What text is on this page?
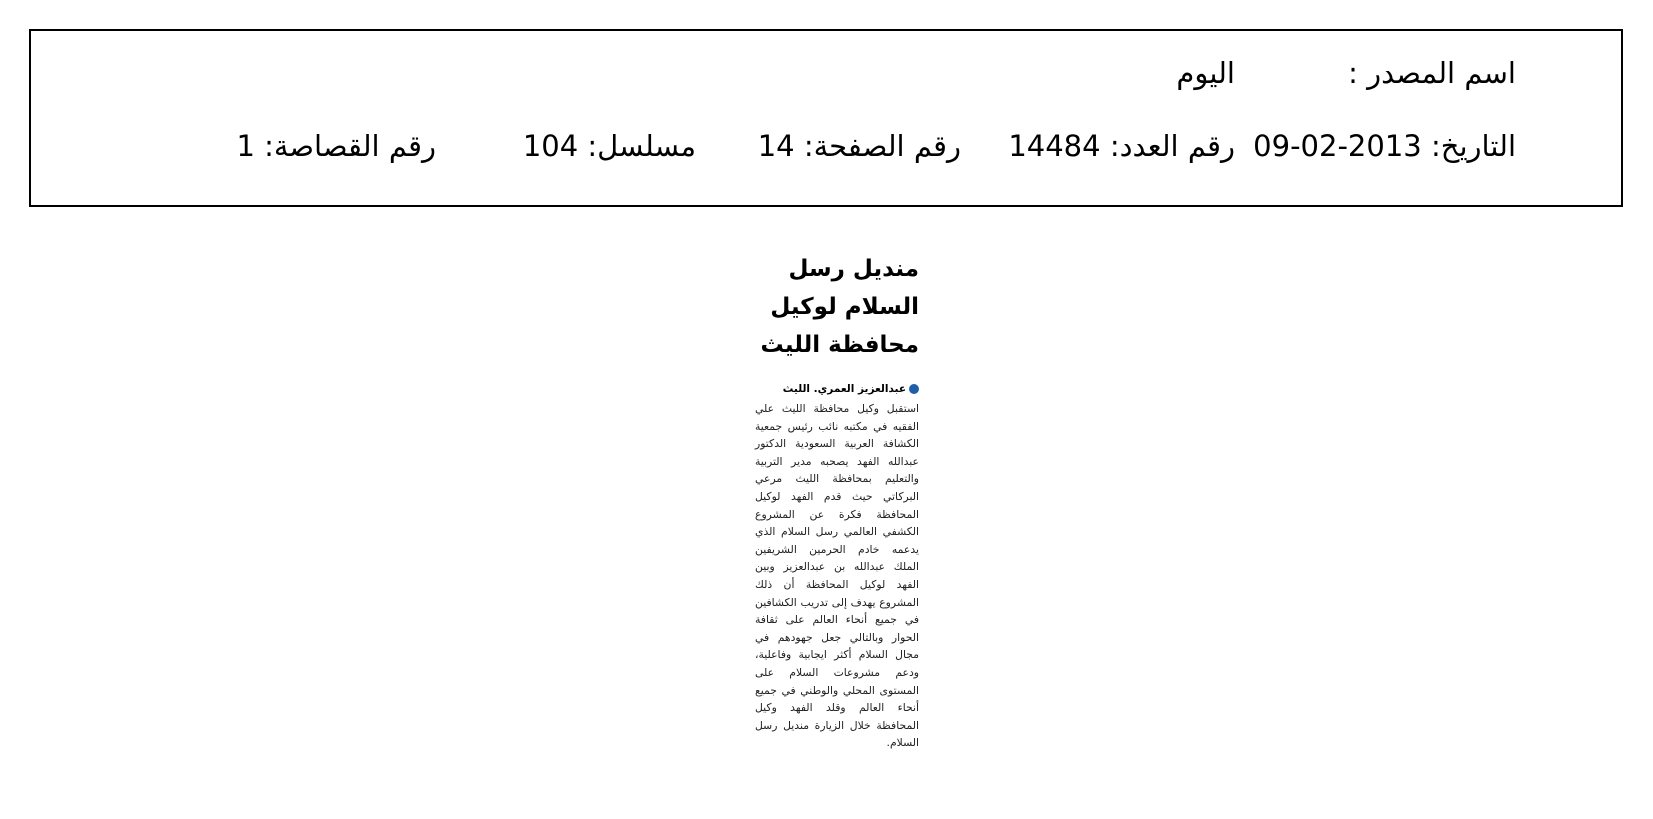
اسم المصدر :
اليوم
التاريخ: 2013-02-09
رقم العدد: 14484
رقم الصفحة: 14
مسلسل: 104
رقم القصاصة: 1
منديل رسل
السلام لوكيل
محافظة الليث
عبدالعزيز العمري. الليث
استقبل وكيل محافظة الليث علي الفقيه في مكتبه نائب رئيس جمعية الكشافة العربية السعودية الدكتور عبدالله الفهد يصحبه مدير التربية والتعليم بمحافظة الليث مرعي البركاتي حيث قدم الفهد لوكيل المحافظة فكرة عن المشروع الكشفي العالمي رسل السلام الذي يدعمه خادم الحرمين الشريفين الملك عبدالله بن عبدالعزيز وبين الفهد لوكيل المحافظة أن ذلك المشروع يهدف إلى تدريب الكشافين في جميع أنحاء العالم على ثقافة الحوار وبالتالي جعل جهودهم في مجال السلام أكثر ايجابية وفاعلية، ودعم مشروعات السلام على المستوى المحلي والوطني في جميع أنحاء العالم وقلد الفهد وكيل المحافظة خلال الزيارة منديل رسل السلام.
